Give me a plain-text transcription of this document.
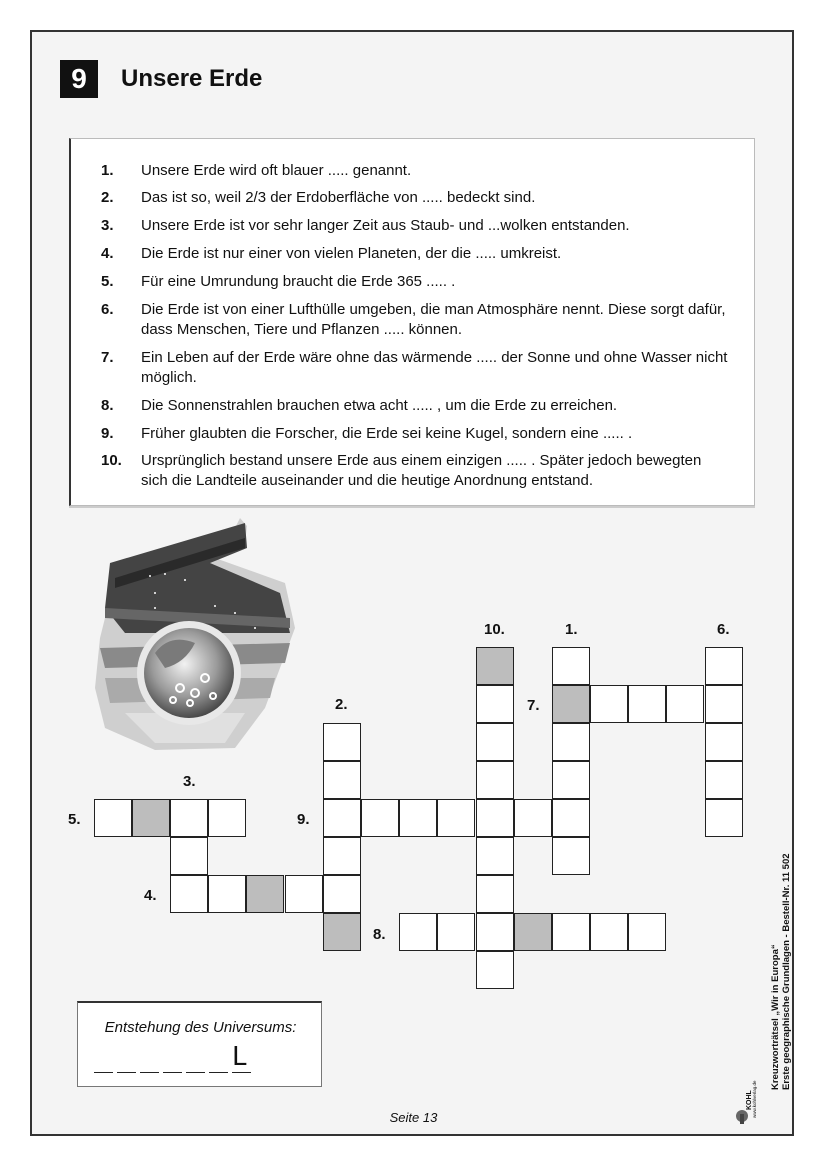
9	Unsere Erde
1.	Unsere Erde wird oft blauer ..... genannt.
2.	Das ist so, weil 2/3 der Erdoberfläche von ..... bedeckt sind.
3.	Unsere Erde ist vor sehr langer Zeit aus Staub- und ...wolken entstanden.
4.	Die Erde ist nur einer von vielen Planeten, der die ..... umkreist.
5.	Für eine Umrundung braucht die Erde 365 ..... .
6.	Die Erde ist von einer Lufthülle umgeben, die man Atmosphäre nennt. Diese sorgt dafür, dass Menschen, Tiere und Pflanzen ..... können.
7.	Ein Leben auf der Erde wäre ohne das wärmende ..... der Sonne und ohne Wasser nicht möglich.
8.	Die Sonnenstrahlen brauchen etwa acht ..... , um die Erde zu erreichen.
9.	Früher glaubten die Forscher, die Erde sei keine Kugel, sondern eine ..... .
10.	Ursprünglich bestand unsere Erde aus einem einzigen ..... . Später jedoch bewegten sich die Landteile auseinander und die heutige Anordnung entstand.
10.	1.	6.
7.
2.
3.
5.	9.
4.
8.
Entstehung des Universums:
L
Seite 13
Kreuzworträtsel „Wir in Europa“ Erste geographische Grundlagen - Bestell-Nr. 11 502
KOHL www.kohlverlag.de
